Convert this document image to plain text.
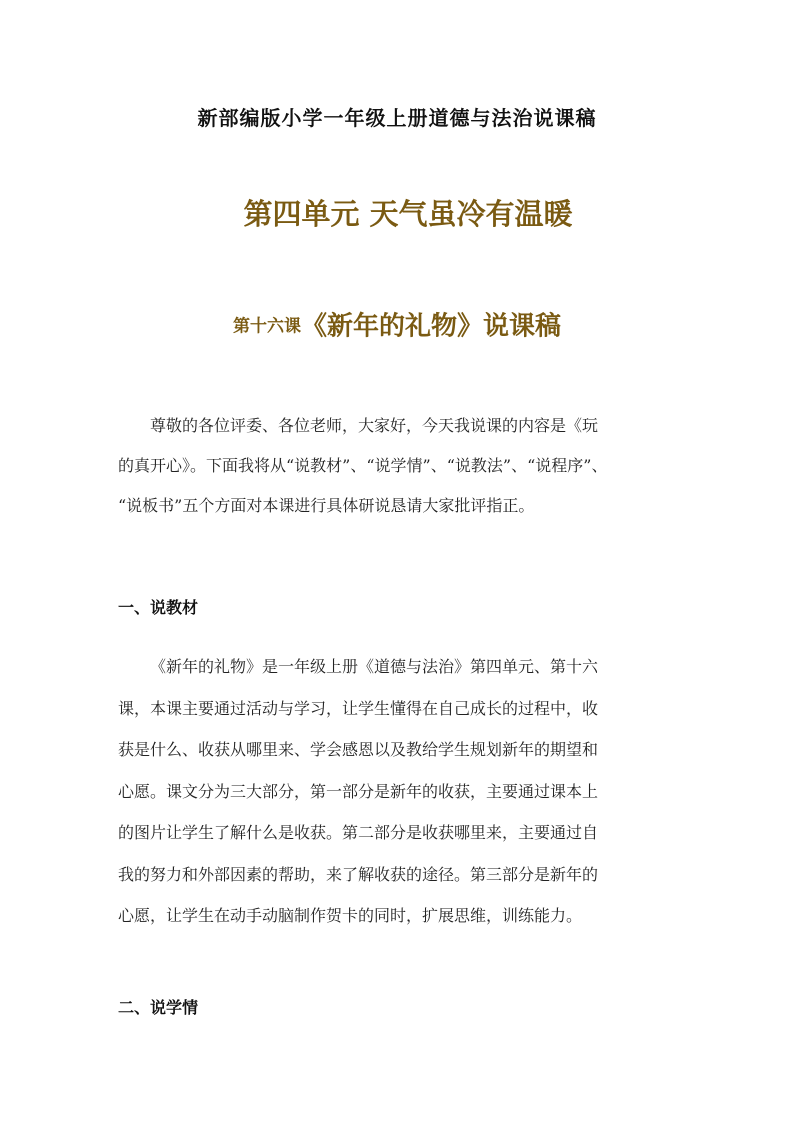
新部编版小学一年级上册道德与法治说课稿
第四单元 天气虽冷有温暖
第十六课《新年的礼物》说课稿
尊敬的各位评委、各位老师，大家好，今天我说课的内容是《玩
的真开心》。下面我将从“说教材”、“说学情”、“说教法”、“说程序”、
“说板书”五个方面对本课进行具体研说恳请大家批评指正。
一、说教材
《新年的礼物》是一年级上册《道德与法治》第四单元、第十六
课，本课主要通过活动与学习，让学生懂得在自己成长的过程中，收
获是什么、收获从哪里来、学会感恩以及教给学生规划新年的期望和
心愿。课文分为三大部分，第一部分是新年的收获，主要通过课本上
的图片让学生了解什么是收获。第二部分是收获哪里来，主要通过自
我的努力和外部因素的帮助，来了解收获的途径。第三部分是新年的
心愿，让学生在动手动脑制作贺卡的同时，扩展思维，训练能力。
二、说学情
